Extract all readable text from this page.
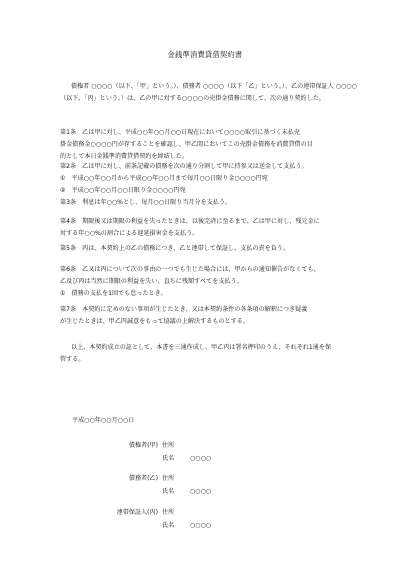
金銭準消費貸借契約書
債権者 ○○○○（以下、「甲」という。）、債務者 ○○○○（以下「乙」という。）、乙の連帯保証人 ○○○○（以下、「丙」という。）は、乙の甲に対する○○○○の売掛金債務に関して、次の通り契約した。
第1条　乙は甲に対し、平成○○年○○月○○日現在において○○○○取引に基づく未払売
掛金債務金○○○○円が存することを確認し、甲乙間においてこの売掛金債務を消費貸借の目
的として本日金銭準消費貸借契約を締結した。
第2条　乙は甲に対し、前条記載の債務を次の通り分割して甲に持参又は送金して支払う。
①　平成○○年○○月から平成○○年○○月まで毎月○○日限り金○○○○円宛
②　平成○○年○○月○○日限り金○○○○円宛
第3条　利息は年○○%とし、毎月○○日限り当月分を支払う。
第4条　期限後又は期限の利益を失ったときは、以後完済に至るまで、乙は甲に対し、残元金に
対する年○○%の割合による遅延損害金を支払う。
第5条　丙は、本契約上の乙の債務につき、乙と連帯して保証し、支払の責を負う。
第6条　乙又は丙について次の事由の一つでも生じた場合には、甲からの通知催告がなくても、
乙及び丙は当然に期限の利益を失い、直ちに残額すべてを支払う。
①　債務の支払を1回でも怠ったとき。
第7条　本契約に定めのない事項が生じたとき、又は本契約条件の各条項の解釈につき疑義
が生じたときは、甲乙丙誠意をもって協議の上解決するものとする。
以上、本契約成立の証として、本書を三通作成し、甲乙丙は署名押印のうえ、それぞれ1通を保
管する。
平成○○年○○月○○日
債権者(甲) 住所
氏名	○○○○
債務者(乙) 住所
氏名	○○○○
連帯保証人(丙) 住所
氏名	○○○○
